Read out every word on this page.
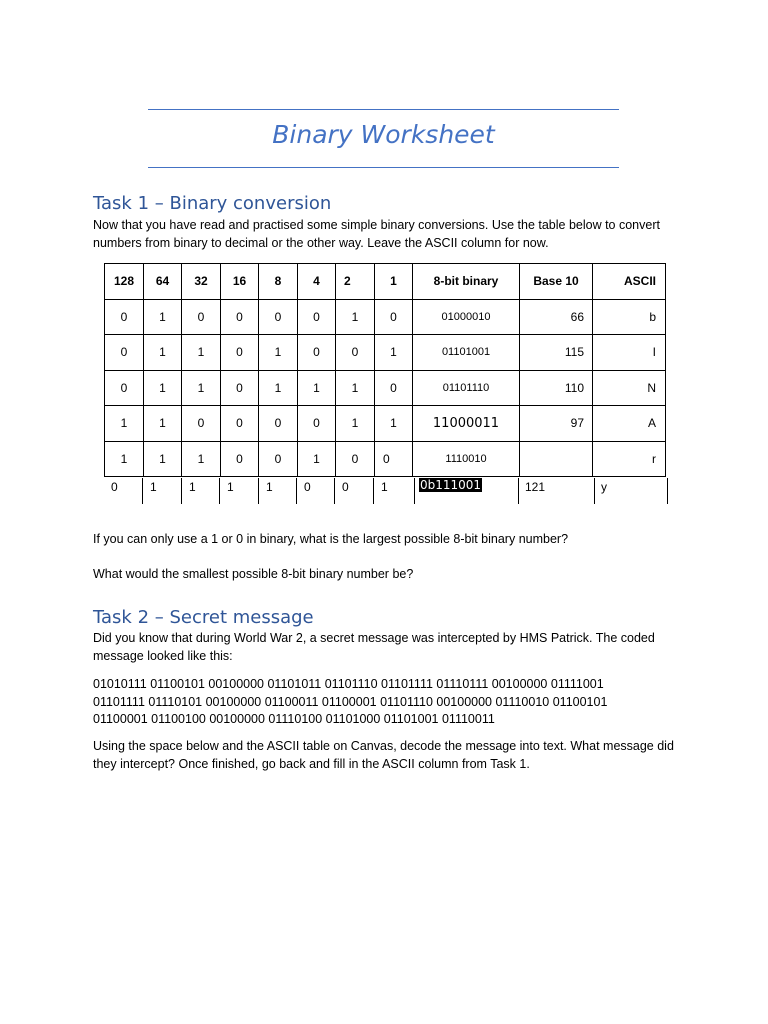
Binary Worksheet
Task 1 – Binary conversion
Now that you have read and practised some simple binary conversions. Use the table below to convert numbers from binary to decimal or the other way. Leave the ASCII column for now.
128	64	32	16	8	4	2	1	8-bit binary	Base 10	ASCII
0	1	0	0	0	0	1	0	01000010	66	b
0	1	1	0	1	0	0	1	01101001	115	I
0	1	1	0	1	1	1	0	01101110	110	N
1	1	0	0	0	0	1	1	11000011	97	A
1	1	1	0	0	1	0	0	1110010		r
0	1	1	1	1	0	0	1	0b111001	121	y
If you can only use a 1 or 0 in binary, what is the largest possible 8-bit binary number?
What would the smallest possible 8-bit binary number be?
Task 2 – Secret message
Did you know that during World War 2, a secret message was intercepted by HMS Patrick. The coded message looked like this:
01010111 01100101 00100000 01101011 01101110 01101111 01110111 00100000 01111001
01101111 01110101 00100000 01100011 01100001 01101110 00100000 01110010 01100101
01100001 01100100 00100000 01110100 01101000 01101001 01110011
Using the space below and the ASCII table on Canvas, decode the message into text. What message did they intercept? Once finished, go back and fill in the ASCII column from Task 1.
